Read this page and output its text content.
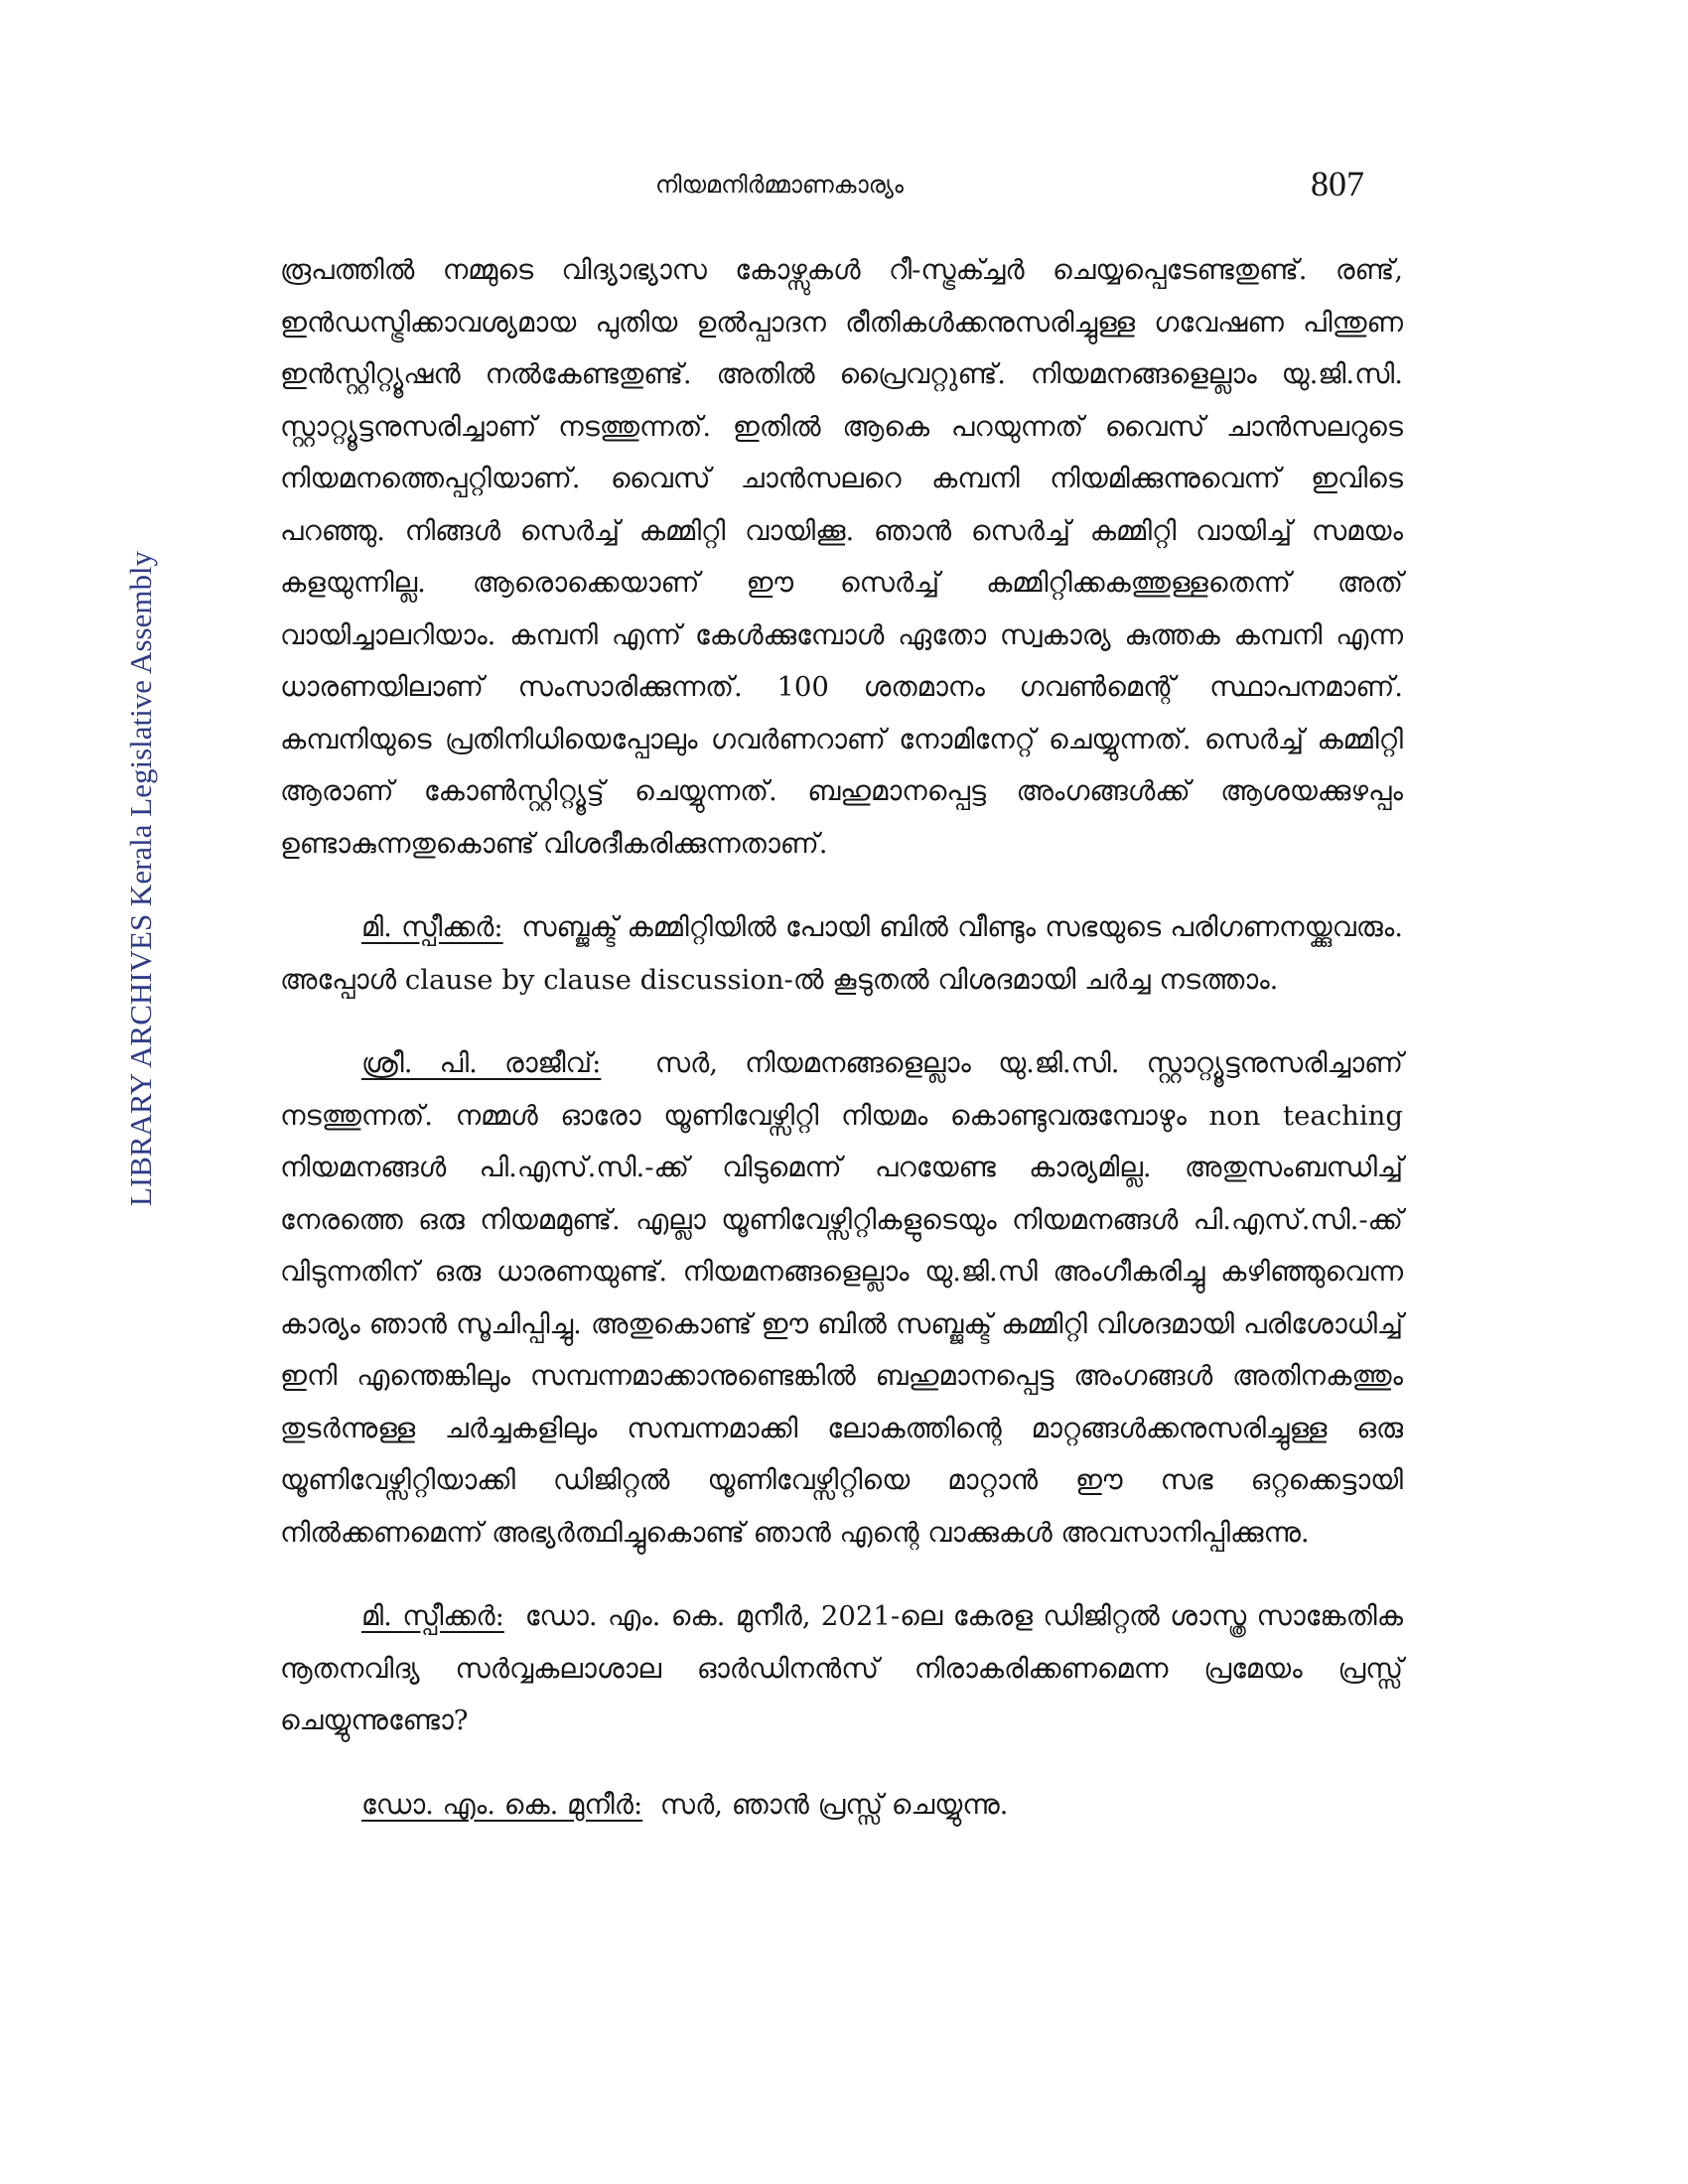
നിയമനിർമ്മാണകാര്യം	807
LIBRARY ARCHIVES Kerala Legislative Assembly

രൂപത്തിൽ നമ്മുടെ വിദ്യാഭ്യാസ കോഴ്സുകൾ റീ-സ്ട്രക്ച്ചർ ചെയ്യപ്പെടേണ്ടതുണ്ട്. രണ്ട്, ഇൻഡസ്ട്രിക്കാവശ്യമായ പുതിയ ഉൽപ്പാദന രീതികൾക്കനുസരിച്ചുള്ള ഗവേഷണ പിന്തുണ ഇൻസ്റ്റിറ്റ്യൂഷൻ നൽകേണ്ടതുണ്ട്. അതിൽ പ്രൈവറ്റുണ്ട്. നിയമനങ്ങളെല്ലാം യു.ജി.സി. സ്റ്റാറ്റ്യൂട്ടനുസരിച്ചാണ് നടത്തുന്നത്. ഇതിൽ ആകെ പറയുന്നത് വൈസ് ചാൻസലറുടെ നിയമനത്തെപ്പറ്റിയാണ്. വൈസ് ചാൻസലറെ കമ്പനി നിയമിക്കുന്നുവെന്ന് ഇവിടെ പറഞ്ഞു. നിങ്ങൾ സെർച്ച് കമ്മിറ്റി വായിക്കൂ. ഞാൻ സെർച്ച് കമ്മിറ്റി വായിച്ച് സമയം കളയുന്നില്ല. ആരൊക്കെയാണ് ഈ സെർച്ച് കമ്മിറ്റിക്കകത്തുള്ളതെന്ന് അത് വായിച്ചാലറിയാം. കമ്പനി എന്ന് കേൾക്കുമ്പോൾ ഏതോ സ്വകാര്യ കുത്തക കമ്പനി എന്ന ധാരണയിലാണ് സംസാരിക്കുന്നത്. 100 ശതമാനം ഗവൺമെന്റ് സ്ഥാപനമാണ്. കമ്പനിയുടെ പ്രതിനിധിയെപ്പോലും ഗവർണറാണ് നോമിനേറ്റ് ചെയ്യുന്നത്. സെർച്ച് കമ്മിറ്റി ആരാണ് കോൺസ്റ്റിറ്റ്യൂട്ട് ചെയ്യുന്നത്. ബഹുമാനപ്പെട്ട അംഗങ്ങൾക്ക് ആശയക്കുഴപ്പം ഉണ്ടാകുന്നതുകൊണ്ട് വിശദീകരിക്കുന്നതാണ്.

മി. സ്പീക്കർ: സബ്ജക്ട് കമ്മിറ്റിയിൽ പോയി ബിൽ വീണ്ടും സഭയുടെ പരിഗണനയ്ക്കുവരും. അപ്പോൾ clause by clause discussion-ൽ കൂടുതൽ വിശദമായി ചർച്ച നടത്താം.

ശ്രീ. പി. രാജീവ്: സർ, നിയമനങ്ങളെല്ലാം യു.ജി.സി. സ്റ്റാറ്റ്യൂട്ടനുസരിച്ചാണ് നടത്തുന്നത്. നമ്മൾ ഓരോ യൂണിവേഴ്സിറ്റി നിയമം കൊണ്ടുവരുമ്പോഴും non teaching നിയമനങ്ങൾ പി.എസ്.സി.-ക്ക് വിടുമെന്ന് പറയേണ്ട കാര്യമില്ല. അതുസംബന്ധിച്ച് നേരത്തെ ഒരു നിയമമുണ്ട്. എല്ലാ യൂണിവേഴ്സിറ്റികളുടെയും നിയമനങ്ങൾ പി.എസ്.സി.-ക്ക് വിടുന്നതിന് ഒരു ധാരണയുണ്ട്. നിയമനങ്ങളെല്ലാം യു.ജി.സി അംഗീകരിച്ചു കഴിഞ്ഞുവെന്ന കാര്യം ഞാൻ സൂചിപ്പിച്ചു. അതുകൊണ്ട് ഈ ബിൽ സബ്ജക്ട് കമ്മിറ്റി വിശദമായി പരിശോധിച്ച് ഇനി എന്തെങ്കിലും സമ്പന്നമാക്കാനുണ്ടെങ്കിൽ ബഹുമാനപ്പെട്ട അംഗങ്ങൾ അതിനകത്തും തുടർന്നുള്ള ചർച്ചകളിലും സമ്പന്നമാക്കി ലോകത്തിന്റെ മാറ്റങ്ങൾക്കനുസരിച്ചുള്ള ഒരു യൂണിവേഴ്സിറ്റിയാക്കി ഡിജിറ്റൽ യൂണിവേഴ്സിറ്റിയെ മാറ്റാൻ ഈ സഭ ഒറ്റക്കെട്ടായി നിൽക്കണമെന്ന് അഭ്യർത്ഥിച്ചുകൊണ്ട് ഞാൻ എന്റെ വാക്കുകൾ അവസാനിപ്പിക്കുന്നു.

മി. സ്പീക്കർ: ഡോ. എം. കെ. മുനീർ, 2021-ലെ കേരള ഡിജിറ്റൽ ശാസ്ത്ര സാങ്കേതിക നൂതനവിദ്യ സർവ്വകലാശാല ഓർഡിനൻസ് നിരാകരിക്കണമെന്ന പ്രമേയം പ്രസ്സ് ചെയ്യുന്നുണ്ടോ?

ഡോ. എം. കെ. മുനീർ: സർ, ഞാൻ പ്രസ്സ് ചെയ്യുന്നു.
